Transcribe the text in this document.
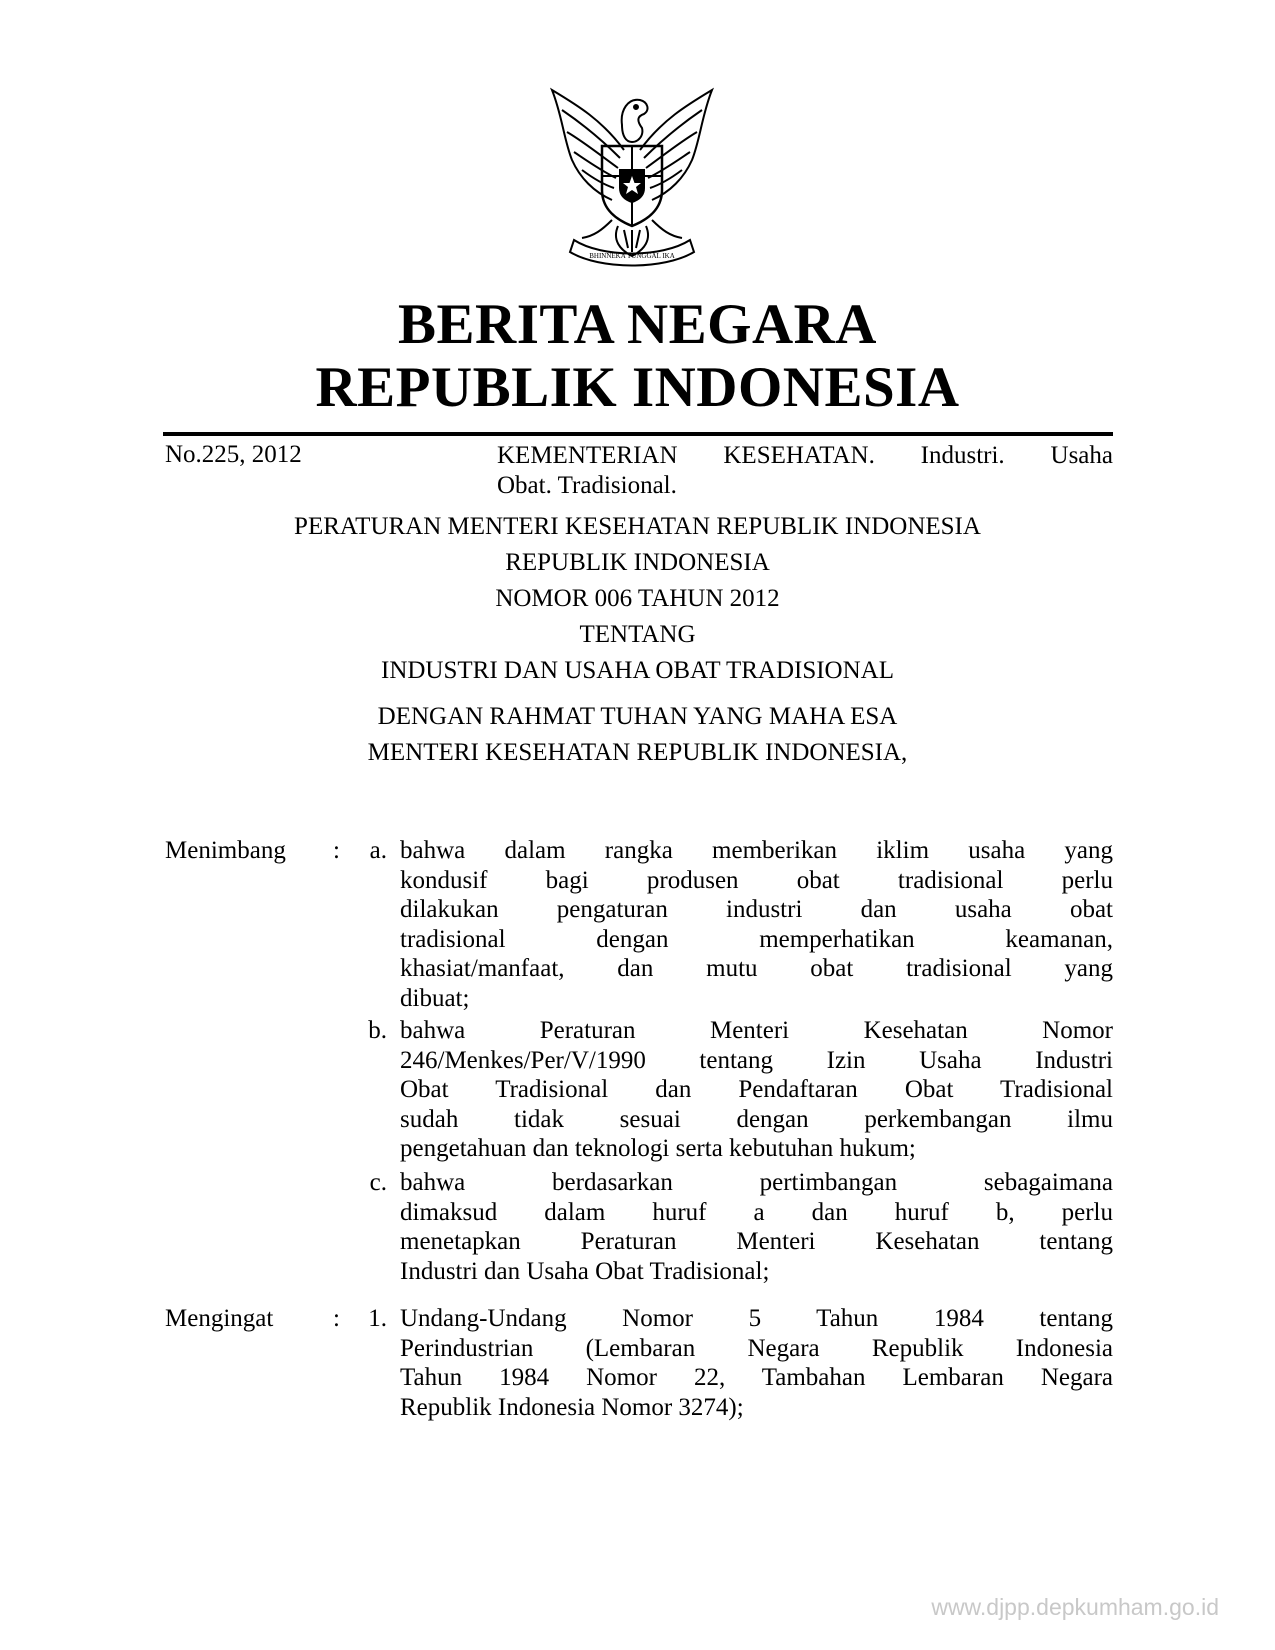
BHINNEKA TUNGGAL IKA
BERITA NEGARA
REPUBLIK INDONESIA
No.225, 2012	KEMENTERIAN KESEHATAN. Industri. Usaha
Obat. Tradisional.
PERATURAN MENTERI KESEHATAN REPUBLIK INDONESIA
REPUBLIK INDONESIA
NOMOR 006 TAHUN 2012
TENTANG
INDUSTRI DAN USAHA OBAT TRADISIONAL
DENGAN RAHMAT TUHAN YANG MAHA ESA
MENTERI KESEHATAN REPUBLIK INDONESIA,
Menimbang :	a. bahwa dalam rangka memberikan iklim usaha yang
kondusif bagi produsen obat tradisional perlu
dilakukan pengaturan industri dan usaha obat
tradisional dengan memperhatikan keamanan,
khasiat/manfaat, dan mutu obat tradisional yang
dibuat;
b. bahwa Peraturan Menteri Kesehatan Nomor
246/Menkes/Per/V/1990 tentang Izin Usaha Industri
Obat Tradisional dan Pendaftaran Obat Tradisional
sudah tidak sesuai dengan perkembangan ilmu
pengetahuan dan teknologi serta kebutuhan hukum;
c. bahwa berdasarkan pertimbangan sebagaimana
dimaksud dalam huruf a dan huruf b, perlu
menetapkan Peraturan Menteri Kesehatan tentang
Industri dan Usaha Obat Tradisional;
Mengingat :	1. Undang-Undang Nomor 5 Tahun 1984 tentang
Perindustrian (Lembaran Negara Republik Indonesia
Tahun 1984 Nomor 22, Tambahan Lembaran Negara
Republik Indonesia Nomor 3274);
www.djpp.depkumham.go.id
